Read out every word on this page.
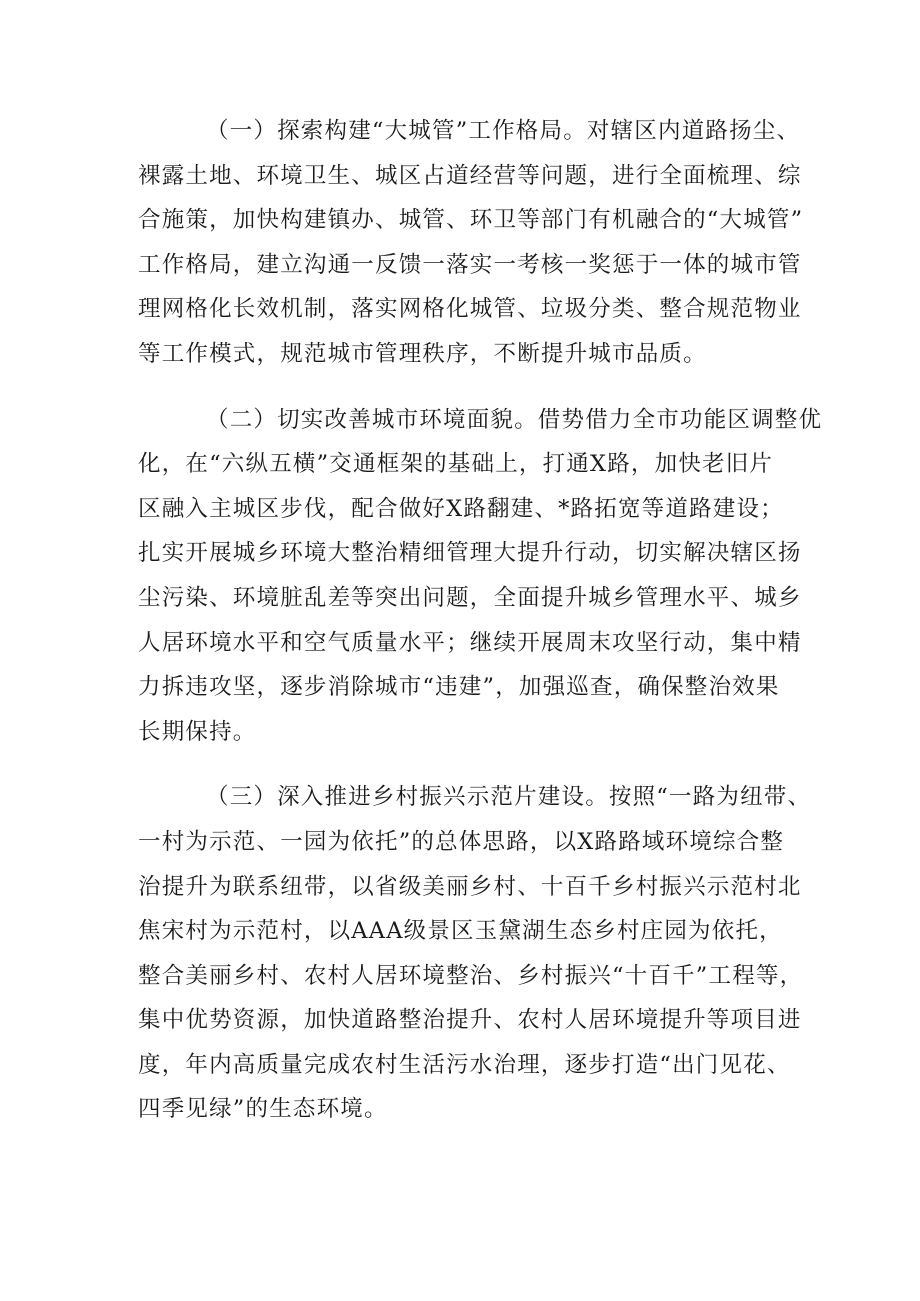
（一）探索构建“大城管”工作格局。对辖区内道路扬尘、
裸露土地、环境卫生、城区占道经营等问题，进行全面梳理、综
合施策，加快构建镇办、城管、环卫等部门有机融合的“大城管”
工作格局，建立沟通一反馈一落实一考核一奖惩于一体的城市管
理网格化长效机制，落实网格化城管、垃圾分类、整合规范物业
等工作模式，规范城市管理秩序，不断提升城市品质。

（二）切实改善城市环境面貌。借势借力全市功能区调整优
化，在“六纵五横”交通框架的基础上，打通X路，加快老旧片
区融入主城区步伐，配合做好X路翻建、*路拓宽等道路建设；
扎实开展城乡环境大整治精细管理大提升行动，切实解决辖区扬
尘污染、环境脏乱差等突出问题，全面提升城乡管理水平、城乡
人居环境水平和空气质量水平；继续开展周末攻坚行动，集中精
力拆违攻坚，逐步消除城市“违建”，加强巡查，确保整治效果
长期保持。

（三）深入推进乡村振兴示范片建设。按照“一路为纽带、
一村为示范、一园为依托”的总体思路，以X路路域环境综合整
治提升为联系纽带，以省级美丽乡村、十百千乡村振兴示范村北
焦宋村为示范村，以AAA级景区玉黛湖生态乡村庄园为依托，
整合美丽乡村、农村人居环境整治、乡村振兴“十百千”工程等，
集中优势资源，加快道路整治提升、农村人居环境提升等项目进
度，年内高质量完成农村生活污水治理，逐步打造“出门见花、
四季见绿”的生态环境。
